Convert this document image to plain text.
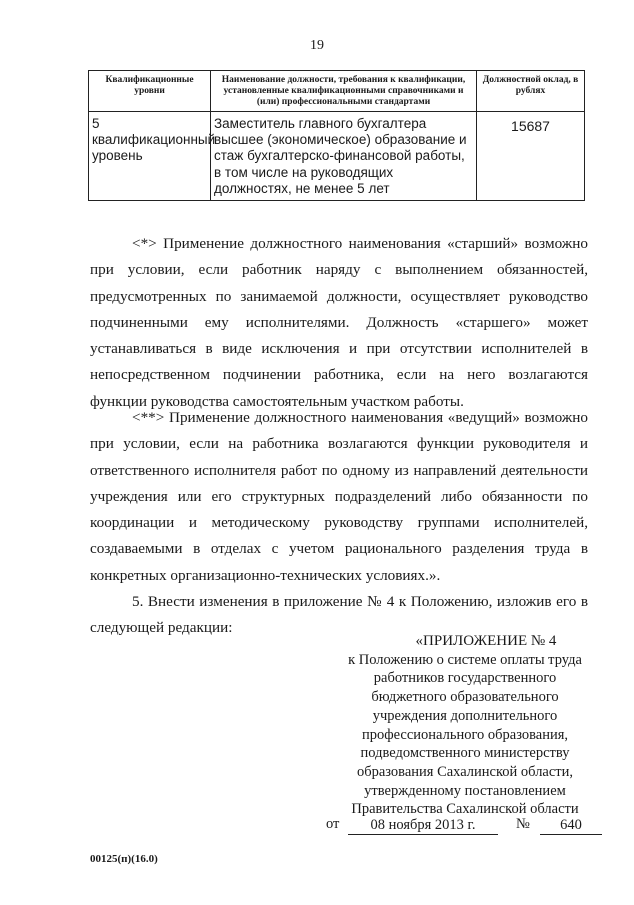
19
Квалификационные уровни	Наименование должности, требования к квалификации, установленные квалификационными справочниками и (или) профессиональными стандартами	Должностной оклад, в рублях
5 квалификационный уровень	Заместитель главного бухгалтера высшее (экономическое) образование и стаж бухгалтерско-финансовой работы, в том числе на руководящих должностях, не менее 5 лет	15687
<*> Применение должностного наименования «старший» возможно при условии, если работник наряду с выполнением обязанностей, предусмотренных по занимаемой должности, осуществляет руководство подчиненными ему исполнителями. Должность «старшего» может устанавливаться в виде исключения и при отсутствии исполнителей в непосредственном подчинении работника, если на него возлагаются функции руководства самостоятельным участком работы.
<**> Применение должностного наименования «ведущий» возможно при условии, если на работника возлагаются функции руководителя и ответственного исполнителя работ по одному из направлений деятельности учреждения или его структурных подразделений либо обязанности по координации и методическому руководству группами исполнителей, создаваемыми в отделах с учетом рационального разделения труда в конкретных организационно-технических условиях.».
5. Внести изменения в приложение № 4 к Положению, изложив его в следующей редакции:
«ПРИЛОЖЕНИЕ № 4
к Положению о системе оплаты труда
работников государственного
бюджетного образовательного
учреждения дополнительного
профессионального образования,
подведомственного министерству
образования Сахалинской области,
утвержденному постановлением
Правительства Сахалинской области
от	08 ноября 2013 г.	№	640
00125(п)(16.0)
